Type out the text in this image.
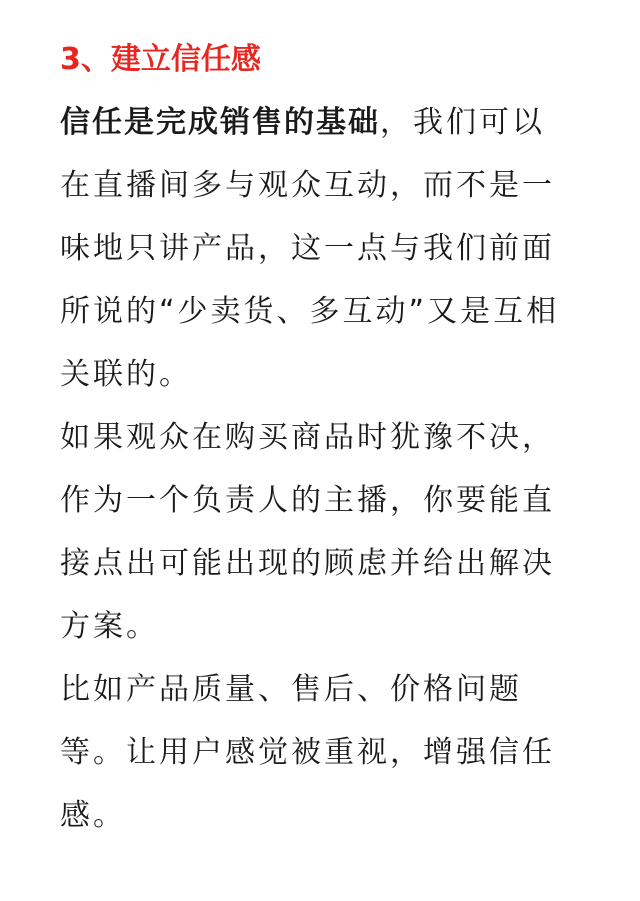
3、建立信任感
信任是完成销售的基础，我们可以
在直播间多与观众互动，而不是一
味地只讲产品，这一点与我们前面
所说的“少卖货、多互动”又是互相
关联的。
如果观众在购买商品时犹豫不决，
作为一个负责人的主播，你要能直
接点出可能出现的顾虑并给出解决
方案。
比如产品质量、售后、价格问题
等。让用户感觉被重视，增强信任
感。
